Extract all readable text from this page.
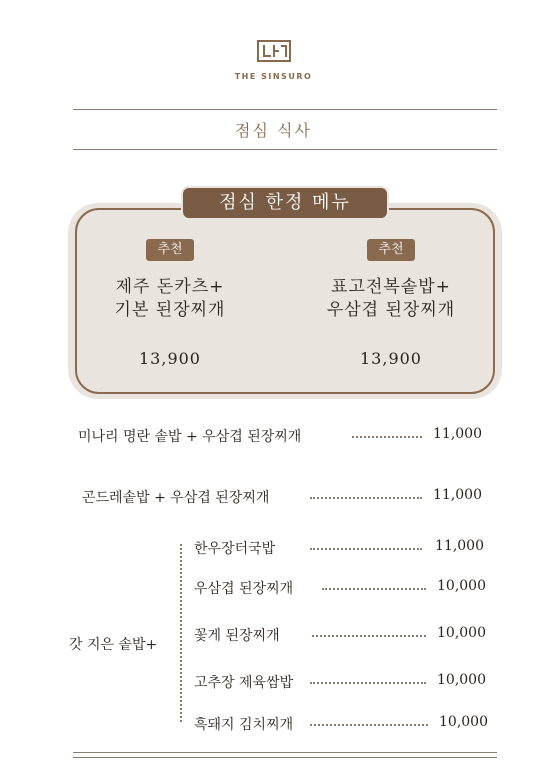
THE SINSURO
점심 식사
점심 한정 메뉴
추천
제주 돈카츠+
기본 된장찌개
13,900
추천
표고전복솥밥+
우삼겹 된장찌개
13,900
미나리 명란 솥밥 + 우삼겹 된장찌개	11,000
곤드레솥밥 + 우삼겹 된장찌개	11,000
갓 지은 솥밥+
한우장터국밥	11,000
우삼겹 된장찌개	10,000
꽃게 된장찌개	10,000
고추장 제육쌈밥	10,000
흑돼지 김치찌개	10,000
